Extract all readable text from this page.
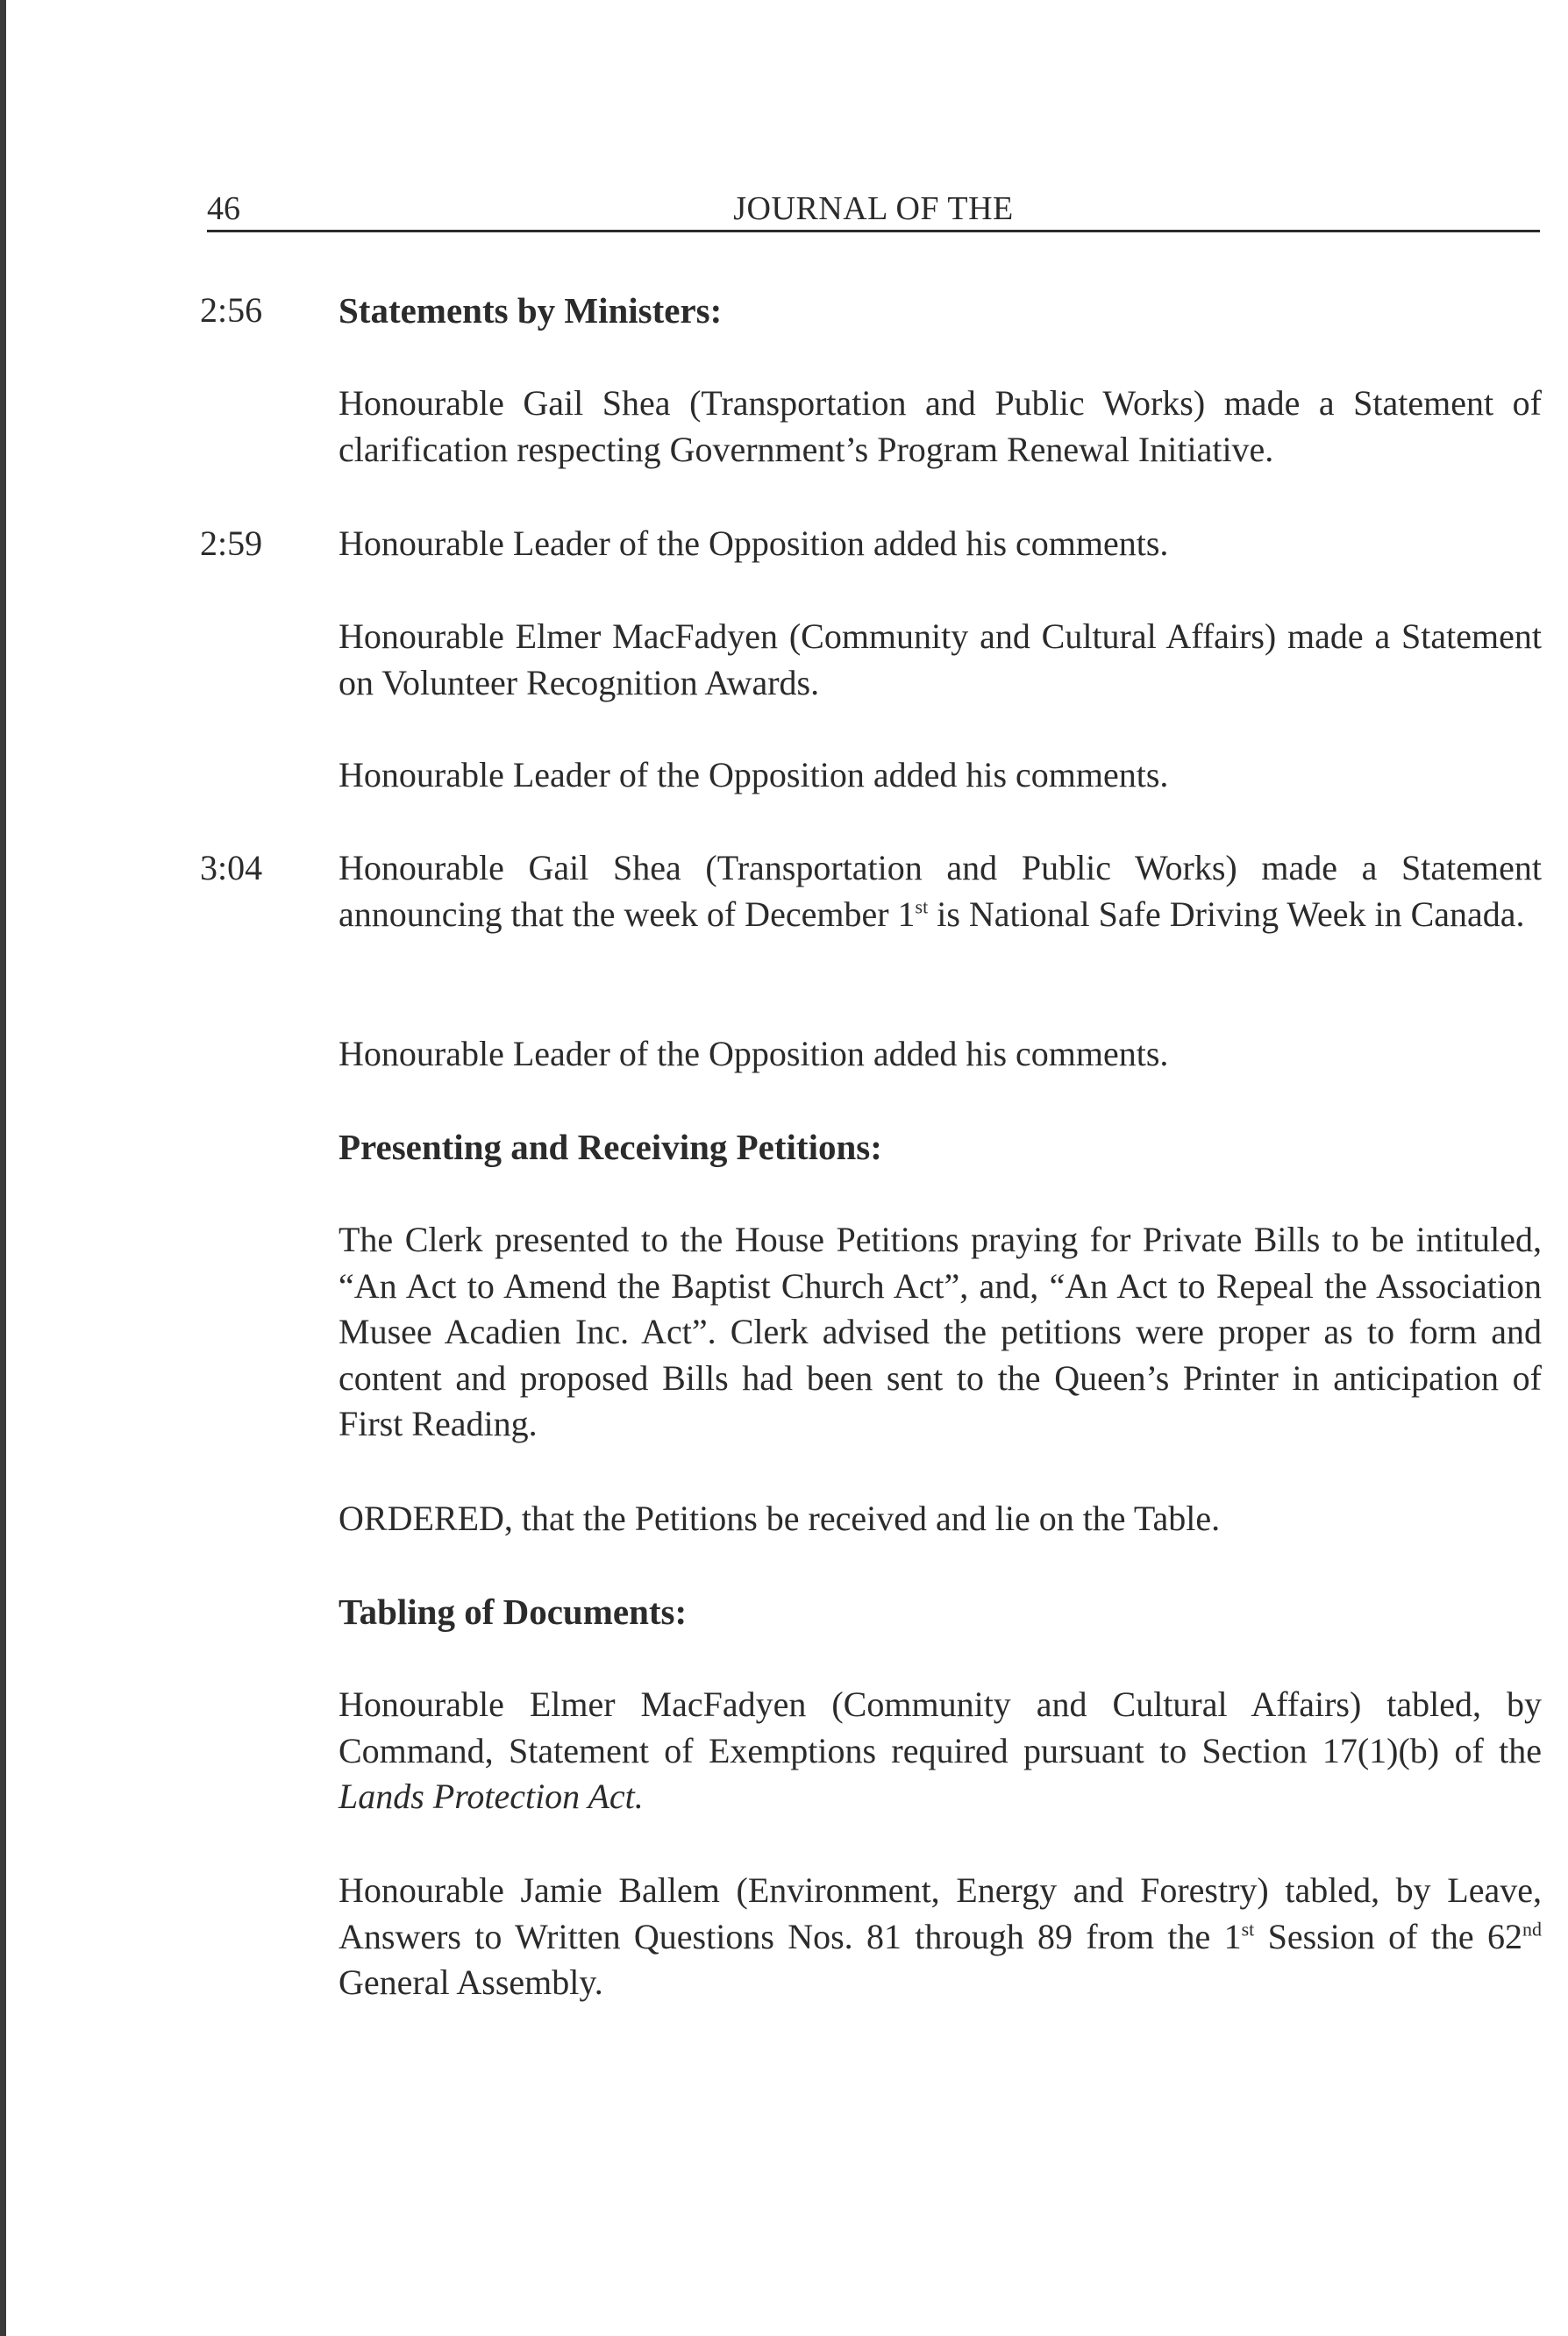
46	JOURNAL OF THE
2:56 Statements by Ministers:
Honourable Gail Shea (Transportation and Public Works) made a Statement of clarification respecting Government’s Program Renewal Initiative.
2:59 Honourable Leader of the Opposition added his comments.
Honourable Elmer MacFadyen (Community and Cultural Affairs) made a Statement on Volunteer Recognition Awards.
Honourable Leader of the Opposition added his comments.
3:04 Honourable Gail Shea (Transportation and Public Works) made a Statement announcing that the week of December 1st is National Safe Driving Week in Canada.
Honourable Leader of the Opposition added his comments.
Presenting and Receiving Petitions:
The Clerk presented to the House Petitions praying for Private Bills to be intituled, “An Act to Amend the Baptist Church Act”, and, “An Act to Repeal the Association Musee Acadien Inc. Act”. Clerk advised the petitions were proper as to form and content and proposed Bills had been sent to the Queen’s Printer in anticipation of First Reading.
ORDERED, that the Petitions be received and lie on the Table.
Tabling of Documents:
Honourable Elmer MacFadyen (Community and Cultural Affairs) tabled, by Command, Statement of Exemptions required pursuant to Section 17(1)(b) of the Lands Protection Act.
Honourable Jamie Ballem (Environment, Energy and Forestry) tabled, by Leave, Answers to Written Questions Nos. 81 through 89 from the 1st Session of the 62nd General Assembly.
